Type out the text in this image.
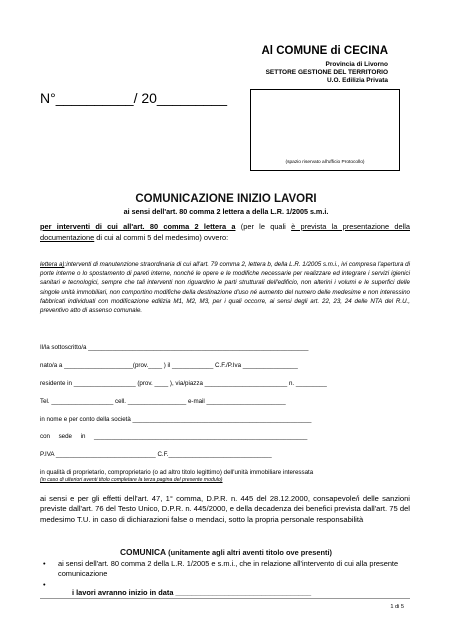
Al COMUNE di CECINA
Provincia di Livorno
SETTORE GESTIONE DEL TERRITORIO
U.O. Edilizia Privata
N°__________/ 20_________
(spazio riservato all'ufficio Protocollo)
COMUNICAZIONE INIZIO LAVORI
ai sensi dell'art. 80 comma 2 lettera a della L.R. 1/2005 s.m.i.
per interventi di cui all'art. 80 comma 2 lettera a (per le quali è prevista la presentazione della documentazione di cui al commi 5 del medesimo) ovvero:
lettera a):interventi di manutenzione straordinaria di cui all'art. 79 comma 2, lettera b, della L.R. 1/2005 s.m.i., ivi compresa l'apertura di porte interne o lo spostamento di pareti interne, nonché le opere e le modifiche necessarie per realizzare ed integrare i servizi igienici sanitari e tecnologici, sempre che tali interventi non riguardino le parti strutturali dell'edificio, non alterini i volumi e le superfici delle singole unità immobiliari, non comportino modifiche della destinazione d'uso né aumento del numero delle medesime e non interessino fabbricati individuati con modificazione edilizia M1, M2, M3, per i quali occorre, ai sensi degli art. 22, 23, 24 delle NTA del R.U., preventivo atto di assenso comunale.
Il/la sottoscritto/a ________________________________________________________________
nato/a a ____________________(prov.____ ) il ____________ C.F./P.Iva ________________
residente in __________________ (prov. ____ ), via/piazza ________________________ n. _________
Tel. __________________ cell. _________________ e-mail _______________________
in nome e per conto della società ____________________________________________________
con     sede     in     ______________________________________________________________
P.IVA _____________________________ C.F.______________________________
in qualità di proprietario, comproprietario (o ad altro titolo legittimo) dell'unità immobiliare interessata
(in caso di ulteriori aventi titolo completare la terza pagina del presente modulo)
ai sensi e per gli effetti dell'art. 47, 1° comma, D.P.R. n. 445 del 28.12.2000, consapevole/i delle sanzioni previste dall'art. 76 del Testo Unico, D.P.R. n. 445/2000, e della decadenza dei benefici prevista dall'art. 75 del medesimo T.U. in caso di dichiarazioni false o mendaci, sotto la propria personale responsabilità
COMUNICA (unitamente agli altri aventi titolo ove presenti)
• ai sensi dell'art. 80 comma 2 della L.R. 1/2005 e s.m.i., che in relazione all'intervento di cui alla presente comunicazione
•
i lavori avranno inizio in data _________________________________
1 di 5
